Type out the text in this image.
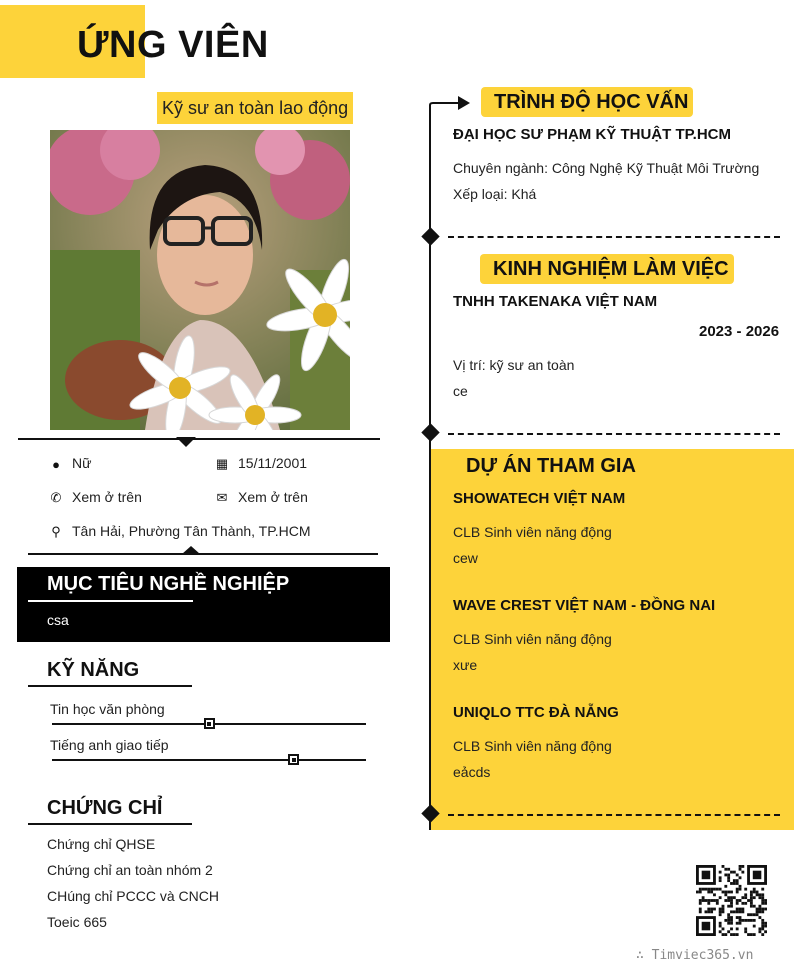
ỨNG VIÊN
Kỹ sư an toàn lao động
● Nữ	▦ 15/11/2001
✆ Xem ở trên	✉ Xem ở trên
⚲ Tân Hải, Phường Tân Thành, TP.HCM
MỤC TIÊU NGHỀ NGHIỆP
csa
KỸ NĂNG
Tin học văn phòng
Tiếng anh giao tiếp
CHỨNG CHỈ
Chứng chỉ QHSE
Chứng chỉ an toàn nhóm 2
CHúng chỉ PCCC và CNCH
Toeic 665
TRÌNH ĐỘ HỌC VẤN
ĐẠI HỌC SƯ PHẠM KỸ THUẬT TP.HCM
Chuyên ngành: Công Nghệ Kỹ Thuật Môi Trường
Xếp loại: Khá
KINH NGHIỆM LÀM VIỆC
TNHH TAKENAKA VIỆT NAM
2023 - 2026
Vị trí: kỹ sư an toàn
ce
DỰ ÁN THAM GIA
SHOWATECH VIỆT NAM
CLB Sinh viên năng động
cew
WAVE CREST VIỆT NAM - ĐỒNG NAI
CLB Sinh viên năng động
xưe
UNIQLO TTC ĐÀ NẴNG
CLB Sinh viên năng động
eảcds
∴ Timviec365.vn
